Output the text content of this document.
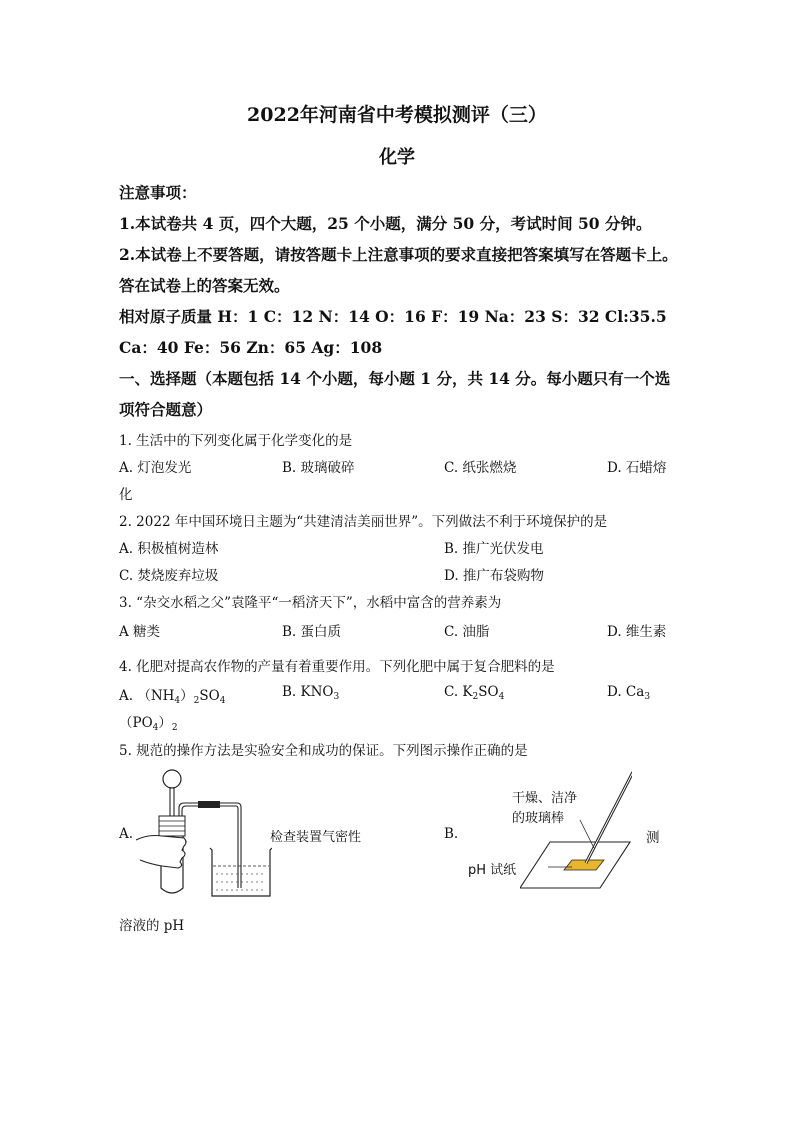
2022年河南省中考模拟测评（三）
化学
注意事项：
1.本试卷共 4 页，四个大题，25 个小题，满分 50 分，考试时间 50 分钟。
2.本试卷上不要答题，请按答题卡上注意事项的要求直接把答案填写在答题卡上。
答在试卷上的答案无效。
相对原子质量 H：1 C：12 N：14 O：16 F：19 Na：23 S：32 Cl:35.5
Ca：40 Fe：56 Zn：65 Ag：108
一、选择题（本题包括 14 个小题，每小题 1 分，共 14 分。每小题只有一个选
项符合题意）
1. 生活中的下列变化属于化学变化的是
A. 灯泡发光	B. 玻璃破碎	C. 纸张燃烧	D. 石蜡熔
化
2. 2022 年中国环境日主题为“共建清洁美丽世界”。下列做法不利于环境保护的是
A. 积极植树造林	B. 推广光伏发电
C. 焚烧废弃垃圾	D. 推广布袋购物
3. “杂交水稻之父”袁隆平“一稻济天下”，水稻中富含的营养素为
A 糖类	B. 蛋白质	C. 油脂	D. 维生素
4. 化肥对提高农作物的产量有着重要作用。下列化肥中属于复合肥料的是
A. $(NH_4)_2SO_4$
B. $KNO_3$	C. $K_2SO_4$	D. $Ca_3$
$(PO_4)_2$
5. 规范的操作方法是实验安全和成功的保证。下列图示操作正确的是
A.	检查装置气密性	B.
干燥、洁净
的玻璃棒
pH 试纸
测
溶液的 pH
